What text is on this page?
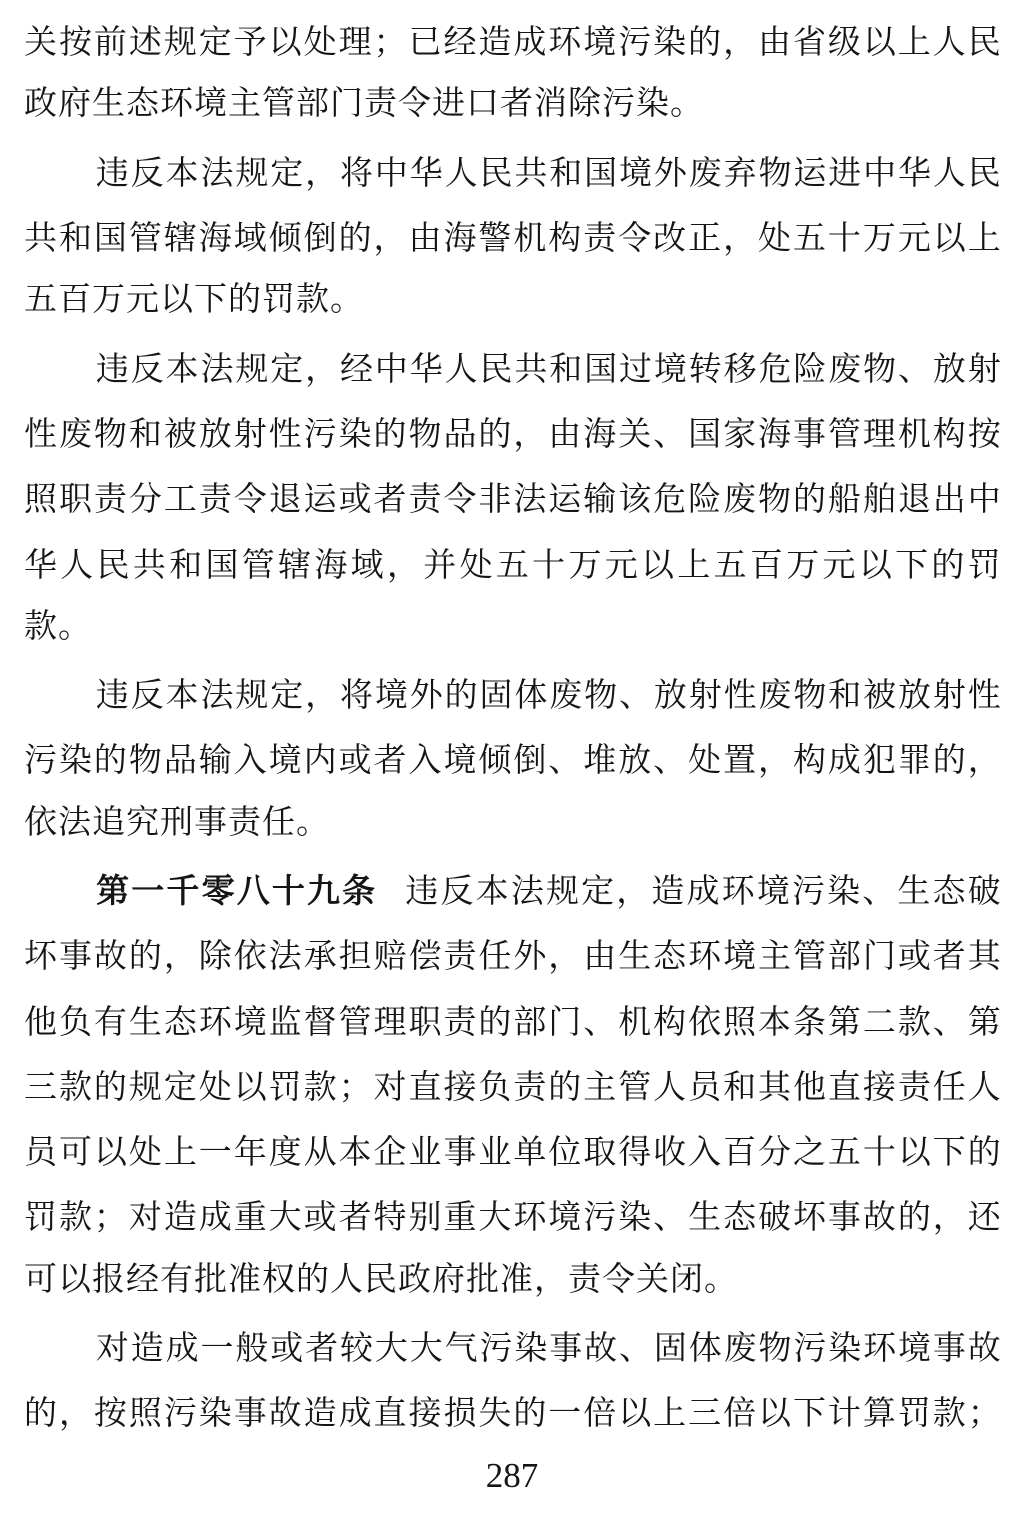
关 按 前 述 规 定 予 以 处 理 ； 已 经 造 成 环 境 污 染 的 ， 由 省 级 以 上 人 民
政府生态环境主管部门责令进口者消除污染。
违 反 本 法 规 定 ， 将 中 华 人 民 共 和 国 境 外 废 弃 物 运 进 中 华 人 民
共 和 国 管 辖 海 域 倾 倒 的 ， 由 海 警 机 构 责 令 改 正 ， 处 五 十 万 元 以 上
五百万元以下的罚款。
违 反 本 法 规 定 ， 经 中 华 人 民 共 和 国 过 境 转 移 危 险 废 物 、 放 射
性 废 物 和 被 放 射 性 污 染 的 物 品 的 ， 由 海 关 、 国 家 海 事 管 理 机 构 按
照 职 责 分 工 责 令 退 运 或 者 责 令 非 法 运 输 该 危 险 废 物 的 船 舶 退 出 中
华 人 民 共 和 国 管 辖 海 域 ， 并 处 五 十 万 元 以 上 五 百 万 元 以 下 的 罚
款。
违 反 本 法 规 定 ， 将 境 外 的 固 体 废 物 、 放 射 性 废 物 和 被 放 射 性
污 染 的 物 品 输 入 境 内 或 者 入 境 倾 倒 、 堆 放 、 处 置 ， 构 成 犯 罪 的 ，
依法追究刑事责任。
第 一 千 零 八 十 九 条 违 反 本 法 规 定 ， 造 成 环 境 污 染 、 生 态 破
坏 事 故 的 ， 除 依 法 承 担 赔 偿 责 任 外 ， 由 生 态 环 境 主 管 部 门 或 者 其
他 负 有 生 态 环 境 监 督 管 理 职 责 的 部 门 、 机 构 依 照 本 条 第 二 款 、 第
三 款 的 规 定 处 以 罚 款 ； 对 直 接 负 责 的 主 管 人 员 和 其 他 直 接 责 任 人
员 可 以 处 上 一 年 度 从 本 企 业 事 业 单 位 取 得 收 入 百 分 之 五 十 以 下 的
罚 款 ； 对 造 成 重 大 或 者 特 别 重 大 环 境 污 染 、 生 态 破 坏 事 故 的 ， 还
可以报经有批准权的人民政府批准，责令关闭。
对 造 成 一 般 或 者 较 大 大 气 污 染 事 故 、 固 体 废 物 污 染 环 境 事 故
的 ， 按 照 污 染 事 故 造 成 直 接 损 失 的 一 倍 以 上 三 倍 以 下 计 算 罚 款 ；
287
